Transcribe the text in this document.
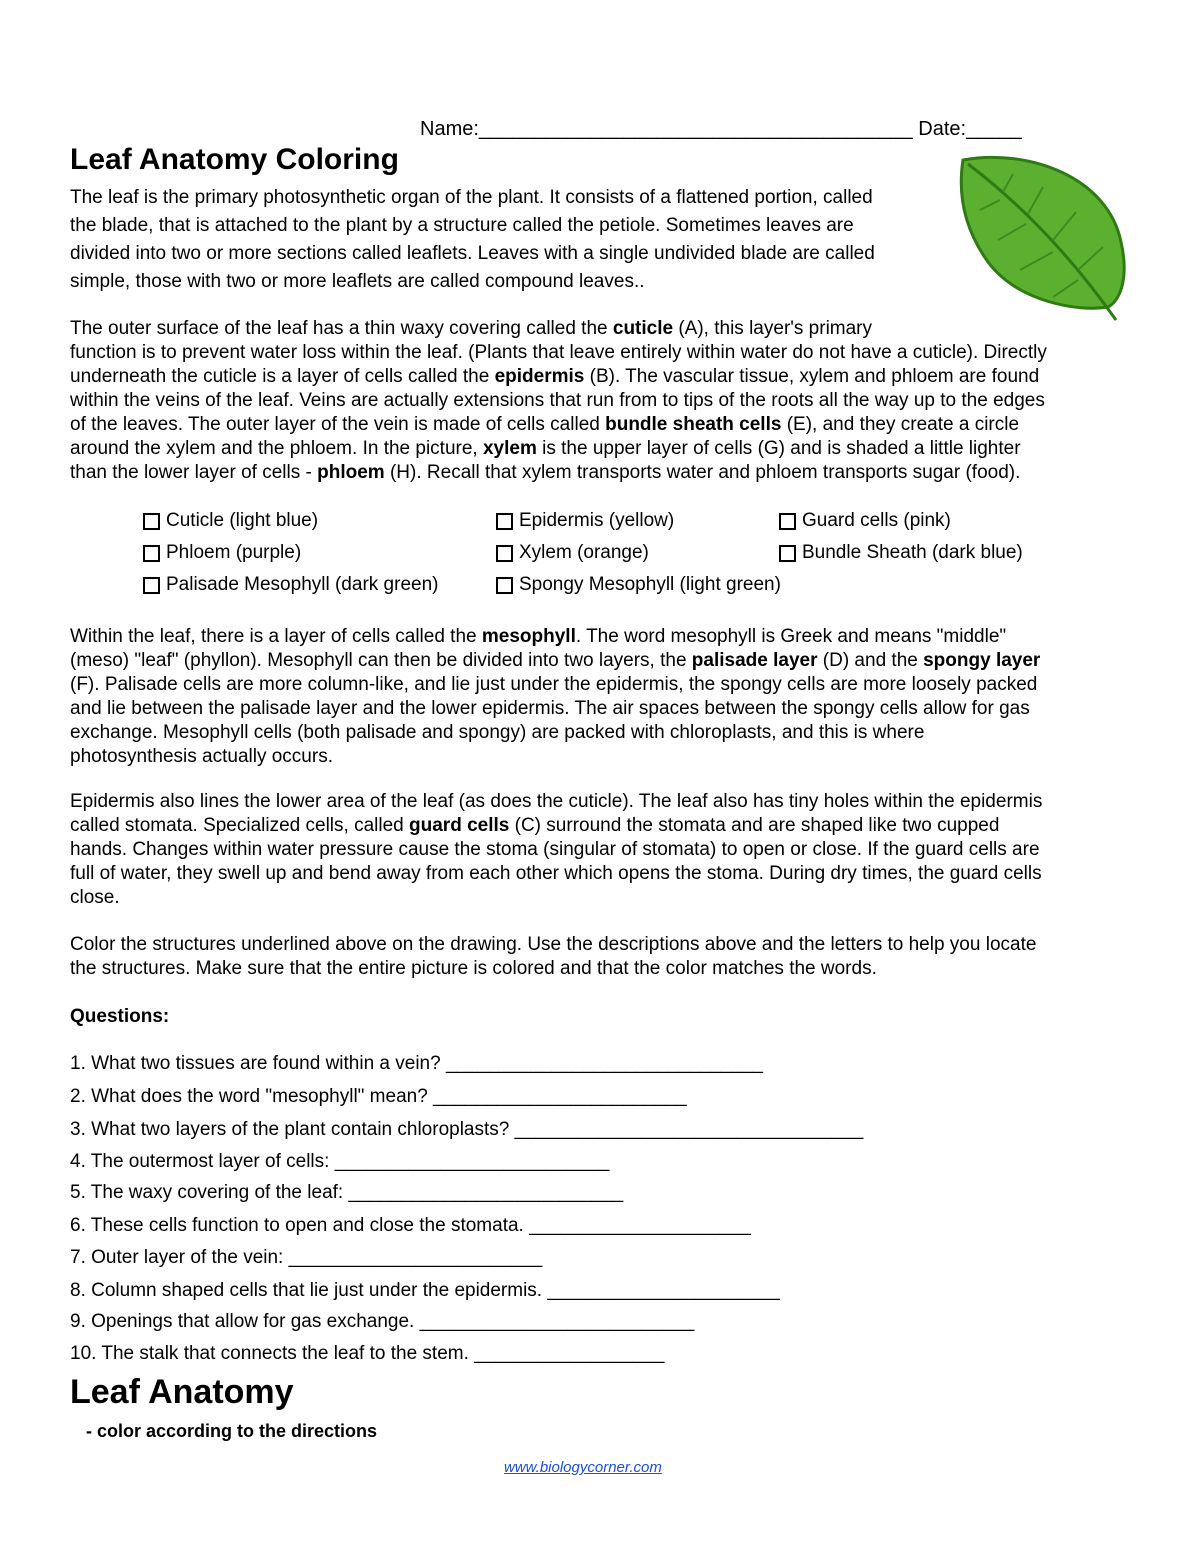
Name:_______________________________________ Date:_____
Leaf Anatomy Coloring
The leaf is the primary photosynthetic organ of the plant. It consists of a flattened portion, called
the blade, that is attached to the plant by a structure called the petiole. Sometimes leaves are
divided into two or more sections called leaflets. Leaves with a single undivided blade are called
simple, those with two or more leaflets are called compound leaves..
The outer surface of the leaf has a thin waxy covering called the cuticle (A), this layer's primary
function is to prevent water loss within the leaf. (Plants that leave entirely within water do not have a cuticle). Directly
underneath the cuticle is a layer of cells called the epidermis (B). The vascular tissue, xylem and phloem are found
within the veins of the leaf. Veins are actually extensions that run from to tips of the roots all the way up to the edges
of the leaves. The outer layer of the vein is made of cells called bundle sheath cells (E), and they create a circle
around the xylem and the phloem. In the picture, xylem is the upper layer of cells (G) and is shaded a little lighter
than the lower layer of cells - phloem (H). Recall that xylem transports water and phloem transports sugar (food).
Cuticle (light blue)	Epidermis (yellow)	Guard cells (pink)
Phloem (purple)	Xylem (orange)	Bundle Sheath (dark blue)
Palisade Mesophyll (dark green)	Spongy Mesophyll (light green)
Within the leaf, there is a layer of cells called the mesophyll. The word mesophyll is Greek and means "middle"
(meso) "leaf" (phyllon). Mesophyll can then be divided into two layers, the palisade layer (D) and the spongy layer
(F). Palisade cells are more column-like, and lie just under the epidermis, the spongy cells are more loosely packed
and lie between the palisade layer and the lower epidermis. The air spaces between the spongy cells allow for gas
exchange. Mesophyll cells (both palisade and spongy) are packed with chloroplasts, and this is where
photosynthesis actually occurs.
Epidermis also lines the lower area of the leaf (as does the cuticle). The leaf also has tiny holes within the epidermis
called stomata. Specialized cells, called guard cells (C) surround the stomata and are shaped like two cupped
hands. Changes within water pressure cause the stoma (singular of stomata) to open or close. If the guard cells are
full of water, they swell up and bend away from each other which opens the stoma. During dry times, the guard cells
close.
Color the structures underlined above on the drawing. Use the descriptions above and the letters to help you locate
the structures. Make sure that the entire picture is colored and that the color matches the words.
Questions:
1. What two tissues are found within a vein? ______________________________
2. What does the word "mesophyll" mean? ________________________
3. What two layers of the plant contain chloroplasts? _________________________________
4. The outermost layer of cells: __________________________
5. The waxy covering of the leaf: __________________________
6. These cells function to open and close the stomata. _____________________
7. Outer layer of the vein: ________________________
8. Column shaped cells that lie just under the epidermis. ______________________
9. Openings that allow for gas exchange. __________________________
10. The stalk that connects the leaf to the stem. __________________
Leaf Anatomy
- color according to the directions
www.biologycorner.com
